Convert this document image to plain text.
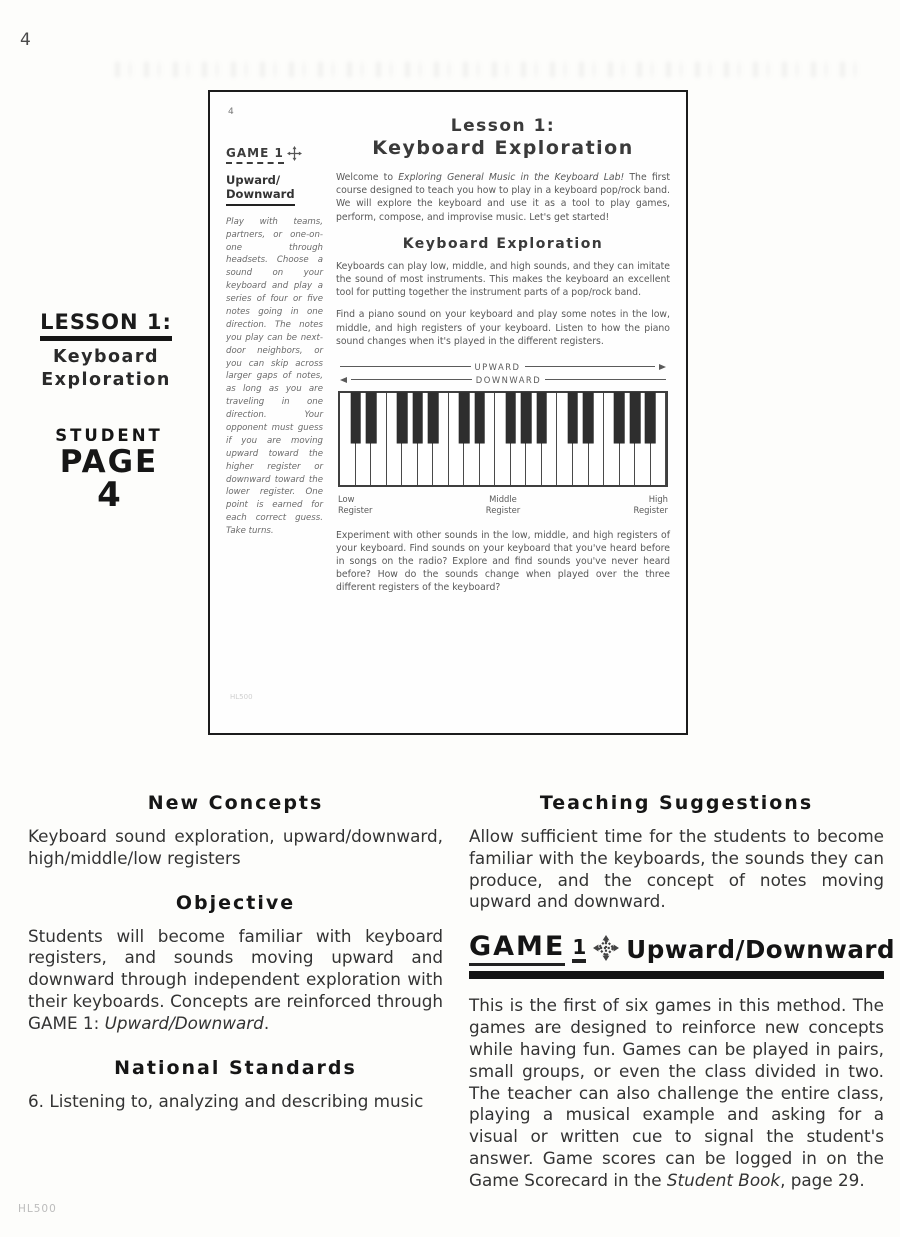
4
4
GAME 1
Upward/
Downward
Play with teams, partners, or one-on-one through headsets. Choose a sound on your keyboard and play a series of four or five notes going in one direction. The notes you play can be next-door neighbors, or you can skip across larger gaps of notes, as long as you are traveling in one direction. Your opponent must guess if you are moving upward toward the higher register or downward toward the lower register. One point is earned for each correct guess. Take turns.
Lesson 1:
Keyboard Exploration

Welcome to Exploring General Music in the Keyboard Lab! The first course designed to teach you how to play in a keyboard pop/rock band. We will explore the keyboard and use it as a tool to play games, perform, compose, and improvise music. Let's get started!

Keyboard Exploration

Keyboards can play low, middle, and high sounds, and they can imitate the sound of most instruments. This makes the keyboard an excellent tool for putting together the instrument parts of a pop/rock band.

Find a piano sound on your keyboard and play some notes in the low, middle, and high registers of your keyboard. Listen to how the piano sound changes when it's played in the different registers.

UPWARD
DOWNWARD
Low
Register
Middle
Register
High
Register

Experiment with other sounds in the low, middle, and high registers of your keyboard. Find sounds on your keyboard that you've heard before in songs on the radio? Explore and find sounds you've never heard before? How do the sounds change when played over the three different registers of the keyboard?

HL500
LESSON 1:
Keyboard
Exploration
STUDENT
PAGE
4
New Concepts

Keyboard sound exploration, upward/downward, high/middle/low registers

Objective

Students will become familiar with keyboard registers, and sounds moving upward and downward through independent exploration with their keyboards. Concepts are reinforced through GAME 1: Upward/Downward.

National Standards

6. Listening to, analyzing and describing music

Teaching Suggestions

Allow sufficient time for the students to become familiar with the keyboards, the sounds they can produce, and the concept of notes moving upward and downward.

GAME 1 Upward/Downward

This is the first of six games in this method. The games are designed to reinforce new concepts while having fun. Games can be played in pairs, small groups, or even the class divided in two. The teacher can also challenge the entire class, playing a musical example and asking for a visual or written cue to signal the student's answer. Game scores can be logged in on the Game Scorecard in the Student Book, page 29.

HL500
